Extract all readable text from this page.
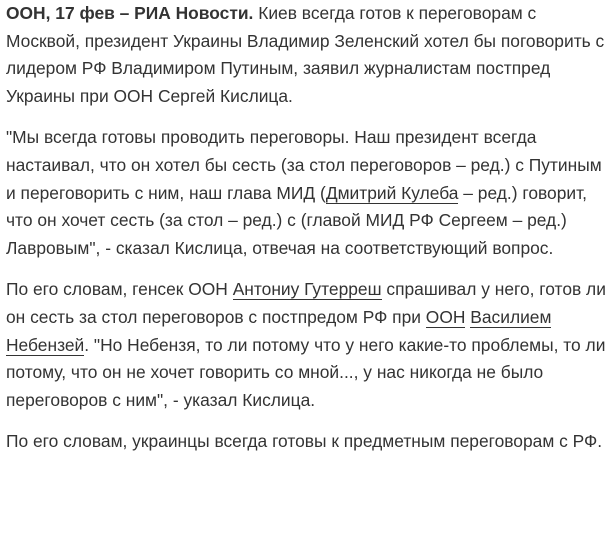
ООН, 17 фев – РИА Новости. Киев всегда готов к переговорам с Москвой, президент Украины Владимир Зеленский хотел бы поговорить с лидером РФ Владимиром Путиным, заявил журналистам постпред Украины при ООН Сергей Кислица.

"Мы всегда готовы проводить переговоры. Наш президент всегда настаивал, что он хотел бы сесть (за стол переговоров – ред.) с Путиным и переговорить с ним, наш глава МИД (Дмитрий Кулеба – ред.) говорит, что он хочет сесть (за стол – ред.) с (главой МИД РФ Сергеем – ред.) Лавровым", - сказал Кислица, отвечая на соответствующий вопрос.

По его словам, генсек ООН Антониу Гутерреш спрашивал у него, готов ли он сесть за стол переговоров с постпредом РФ при ООН Василием Небензей. "Но Небензя, то ли потому что у него какие-то проблемы, то ли потому, что он не хочет говорить со мной..., у нас никогда не было переговоров с ним", - указал Кислица.

По его словам, украинцы всегда готовы к предметным переговорам с РФ.
